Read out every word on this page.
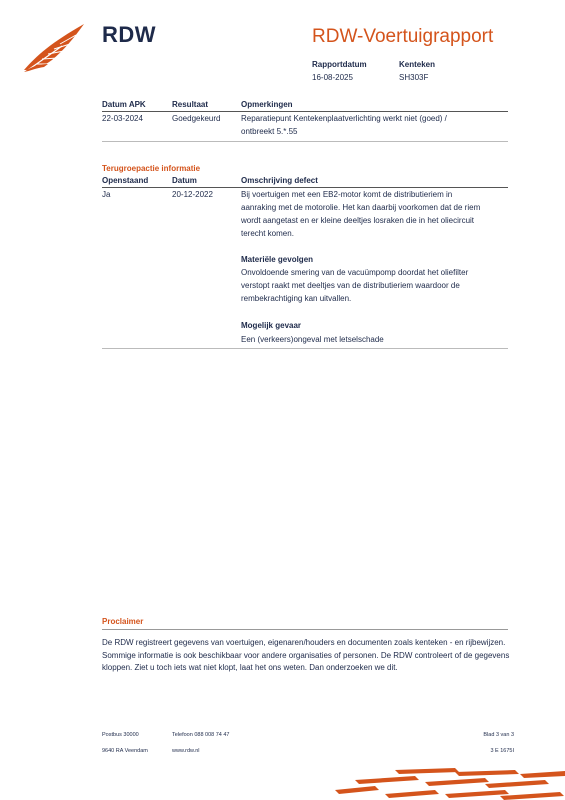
RDW	RDW-Voertuigrapport
Rapportdatum
16-08-2025
Kenteken
SH303F
Datum APK	Resultaat	Opmerkingen
22-03-2024	Goedgekeurd	Reparatiepunt Kentekenplaatverlichting werkt niet (goed) /
ontbreekt 5.*.55
Terugroepactie informatie
Openstaand	Datum	Omschrijving defect
Ja	20-12-2022	Bij voertuigen met een EB2-motor komt de distributieriem in
aanraking met de motorolie. Het kan daarbij voorkomen dat de riem
wordt aangetast en er kleine deeltjes losraken die in het oliecircuit
terecht komen.
Materiële gevolgen
Onvoldoende smering van de vacuümpomp doordat het oliefilter
verstopt raakt met deeltjes van de distributieriem waardoor de
rembekrachtiging kan uitvallen.
Mogelijk gevaar
Een (verkeers)ongeval met letselschade
Proclaimer
De RDW registreert gegevens van voertuigen, eigenaren/houders en documenten zoals kenteken - en rijbewijzen. Sommige informatie is ook beschikbaar voor andere organisaties of personen. De RDW controleert of de gegevens kloppen. Ziet u toch iets wat niet klopt, laat het ons weten. Dan onderzoeken we dit.
Postbus 30000	Telefoon 088 008 74 47
9640 RA Veendam	www.rdw.nl
Blad 3 van 3
3 E 1675I
